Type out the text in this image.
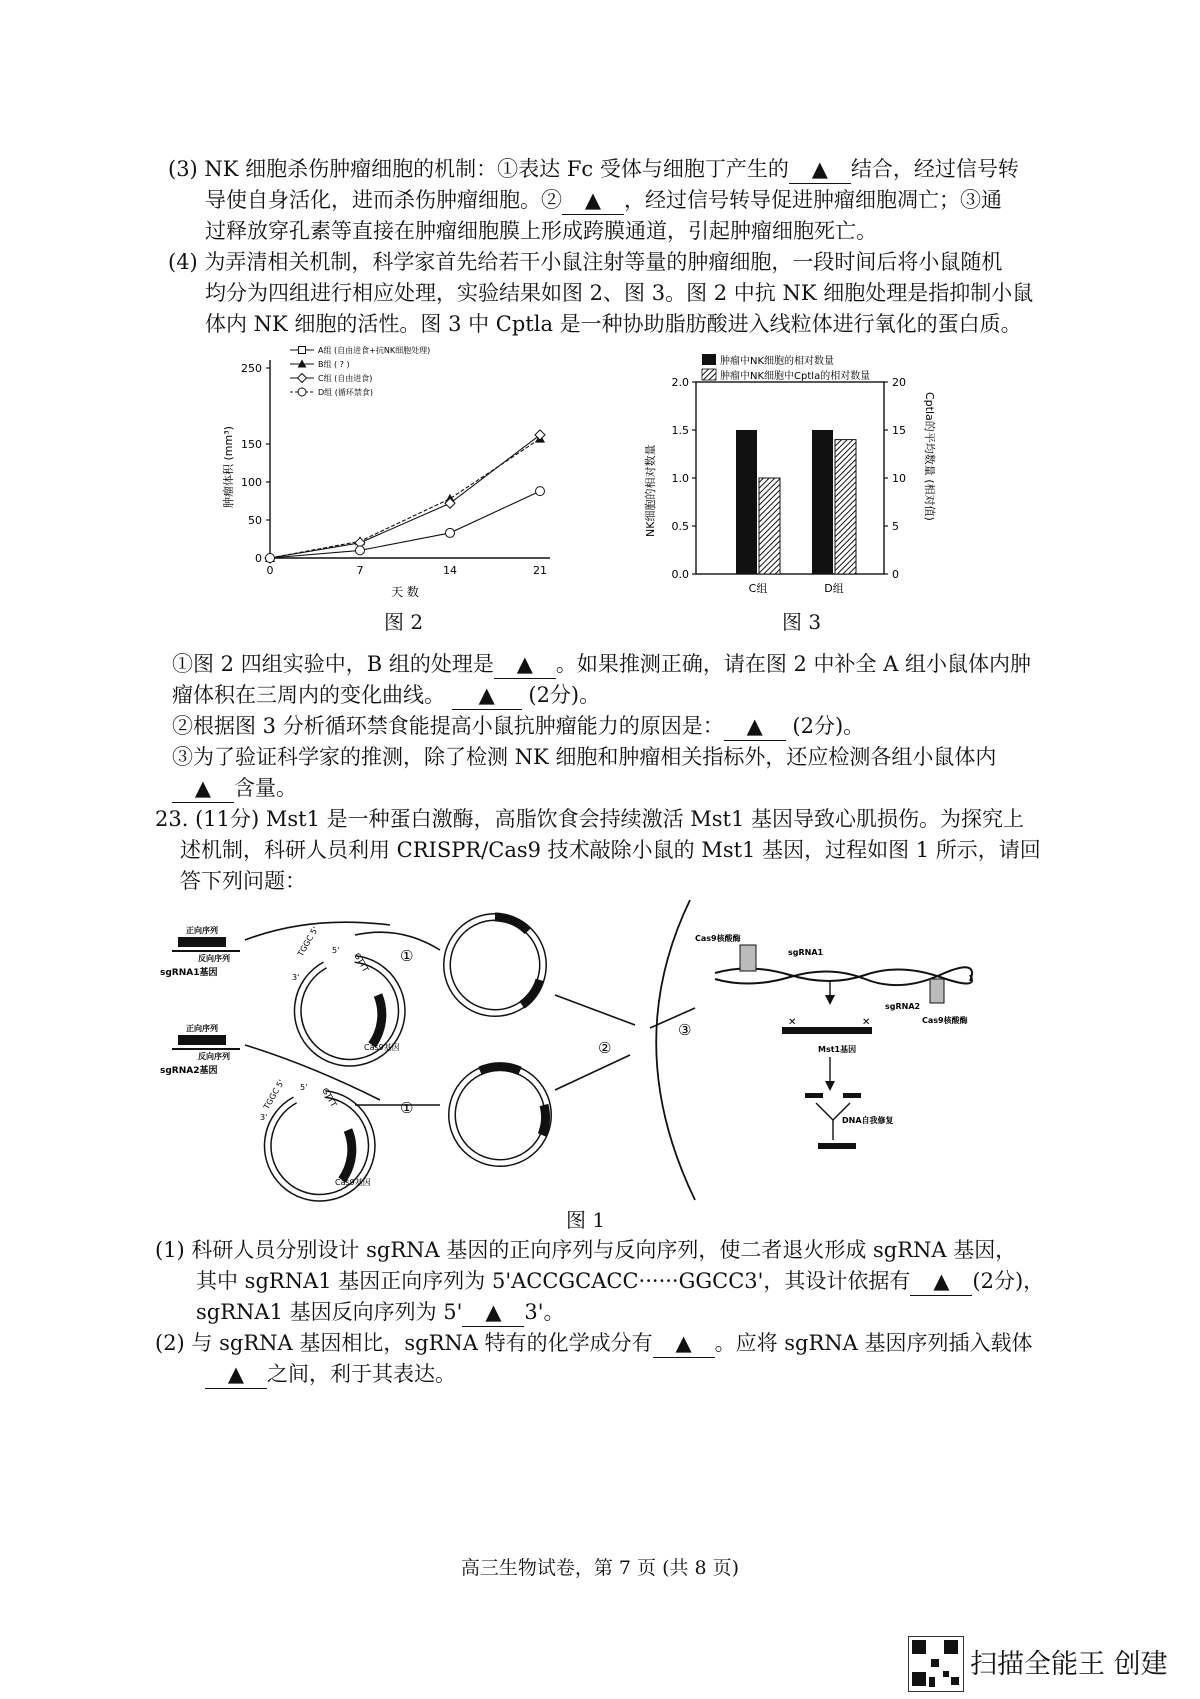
(3) NK 细胞杀伤肿瘤细胞的机制：①表达 Fc 受体与细胞丁产生的 ▲ 结合，经过信号转
导使自身活化，进而杀伤肿瘤细胞。② ▲ ，经过信号转导促进肿瘤细胞凋亡；③通
过释放穿孔素等直接在肿瘤细胞膜上形成跨膜通道，引起肿瘤细胞死亡。
(4) 为弄清相关机制，科学家首先给若干小鼠注射等量的肿瘤细胞，一段时间后将小鼠随机
均分为四组进行相应处理，实验结果如图 2、图 3。图 2 中抗 NK 细胞处理是指抑制小鼠
体内 NK 细胞的活性。图 3 中 Cptla 是一种协助脂肪酸进入线粒体进行氧化的蛋白质。
A组 (自由进食+抗NK细胞处理)
B组 ( ? )
C组 (自由进食)
D组 (循环禁食)
250
150
100
50
0
0	7	14	21
天 数
肿瘤体积 (mm³)
图 2
肿瘤中NK细胞的相对数量
肿瘤中NK细胞中Cptla的相对数量
2.0
1.5
1.0
0.5
0.0
20
15
10
5
0
C组	D组
NK细胞的相对数量	Cptla的平均数量 (相对值)
图 3
①图 2 四组实验中，B 组的处理是 ▲ 。如果推测正确，请在图 2 中补全 A 组小鼠体内肿
瘤体积在三周内的变化曲线。 ▲ (2分)。
②根据图 3 分析循环禁食能提高小鼠抗肿瘤能力的原因是： ▲ (2分)。
③为了验证科学家的推测，除了检测 NK 细胞和肿瘤相关指标外，还应检测各组小鼠体内
▲ 含量。
23. (11分) Mst1 是一种蛋白激酶，高脂饮食会持续激活 Mst1 基因导致心肌损伤。为探究上
述机制，科研人员利用 CRISPR/Cas9 技术敲除小鼠的 Mst1 基因，过程如图 1 所示，请回
答下列问题：
正向序列
反向序列
sgRNA1基因
正向序列
反向序列
sgRNA2基因
TGGC 5' 5'
3'
GTTT
Cas9基因
TGGC 5' 5'
3'
GTTT
Cas9基因
①
①
②
③
Cas9核酸酶
sgRNA1
sgRNA2
Cas9核酸酶
✕	✕
Mst1基因
DNA自我修复
图 1
(1) 科研人员分别设计 sgRNA 基因的正向序列与反向序列，使二者退火形成 sgRNA 基因，
其中 sgRNA1 基因正向序列为 5'ACCGCACC······GGCC3'，其设计依据有 ▲ (2分)，
sgRNA1 基因反向序列为 5' ▲ 3'。
(2) 与 sgRNA 基因相比，sgRNA 特有的化学成分有 ▲ 。应将 sgRNA 基因序列插入载体
▲ 之间，利于其表达。
高三生物试卷，第 7 页 (共 8 页)
扫描全能王 创建
